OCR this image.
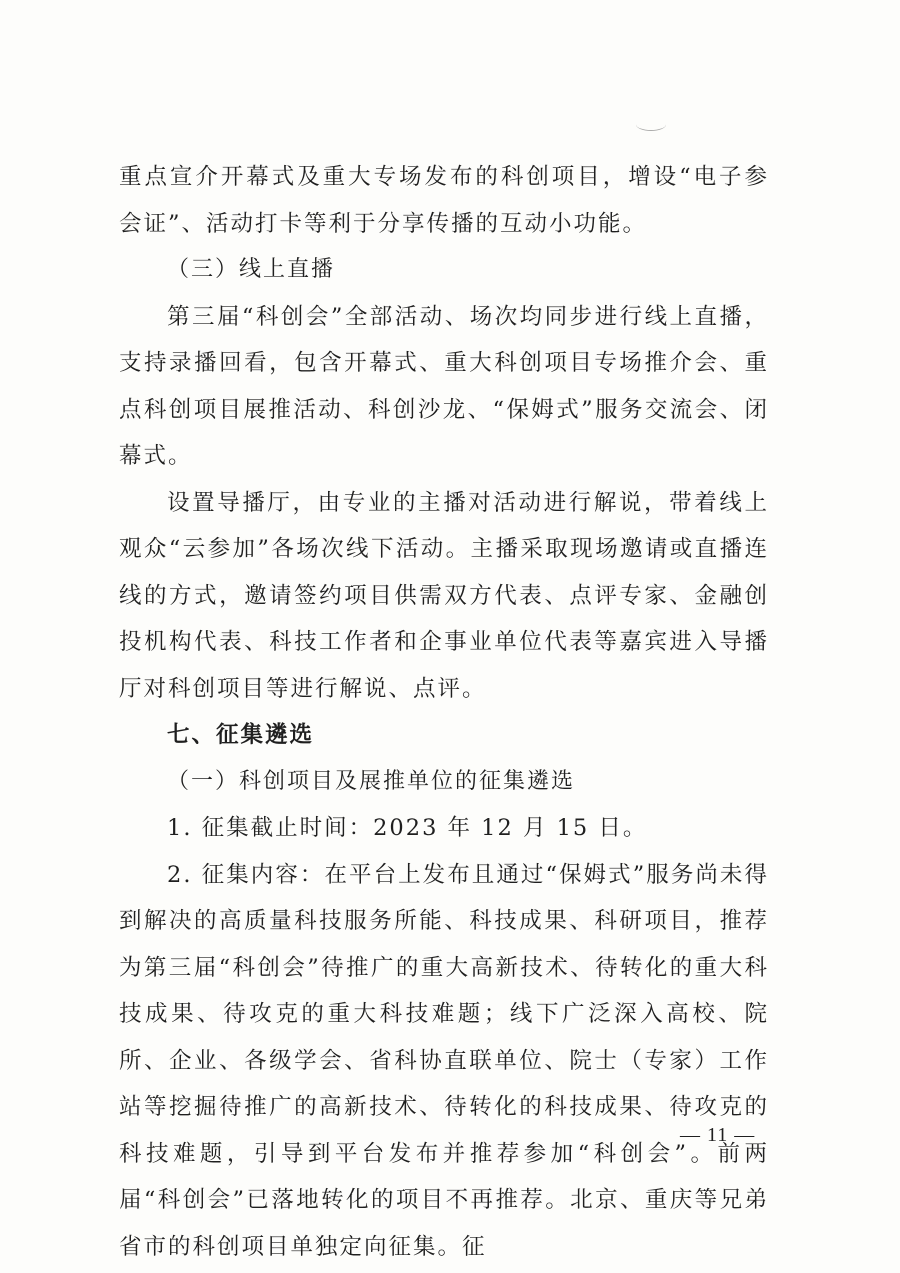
重点宣介开幕式及重大专场发布的科创项目，增设“电子参会证”、活动打卡等利于分享传播的互动小功能。

（三）线上直播

第三届“科创会”全部活动、场次均同步进行线上直播，支持录播回看，包含开幕式、重大科创项目专场推介会、重点科创项目展推活动、科创沙龙、“保姆式”服务交流会、闭幕式。

设置导播厅，由专业的主播对活动进行解说，带着线上观众“云参加”各场次线下活动。主播采取现场邀请或直播连线的方式，邀请签约项目供需双方代表、点评专家、金融创投机构代表、科技工作者和企事业单位代表等嘉宾进入导播厅对科创项目等进行解说、点评。

七、征集遴选

（一）科创项目及展推单位的征集遴选

1. 征集截止时间：2023 年 12 月 15 日。

2. 征集内容：在平台上发布且通过“保姆式”服务尚未得到解决的高质量科技服务所能、科技成果、科研项目，推荐为第三届“科创会”待推广的重大高新技术、待转化的重大科技成果、待攻克的重大科技难题；线下广泛深入高校、院所、企业、各级学会、省科协直联单位、院士（专家）工作站等挖掘待推广的高新技术、待转化的科技成果、待攻克的科技难题，引导到平台发布并推荐参加“科创会”。前两届“科创会”已落地转化的项目不再推荐。北京、重庆等兄弟省市的科创项目单独定向征集。征

— 11 —
